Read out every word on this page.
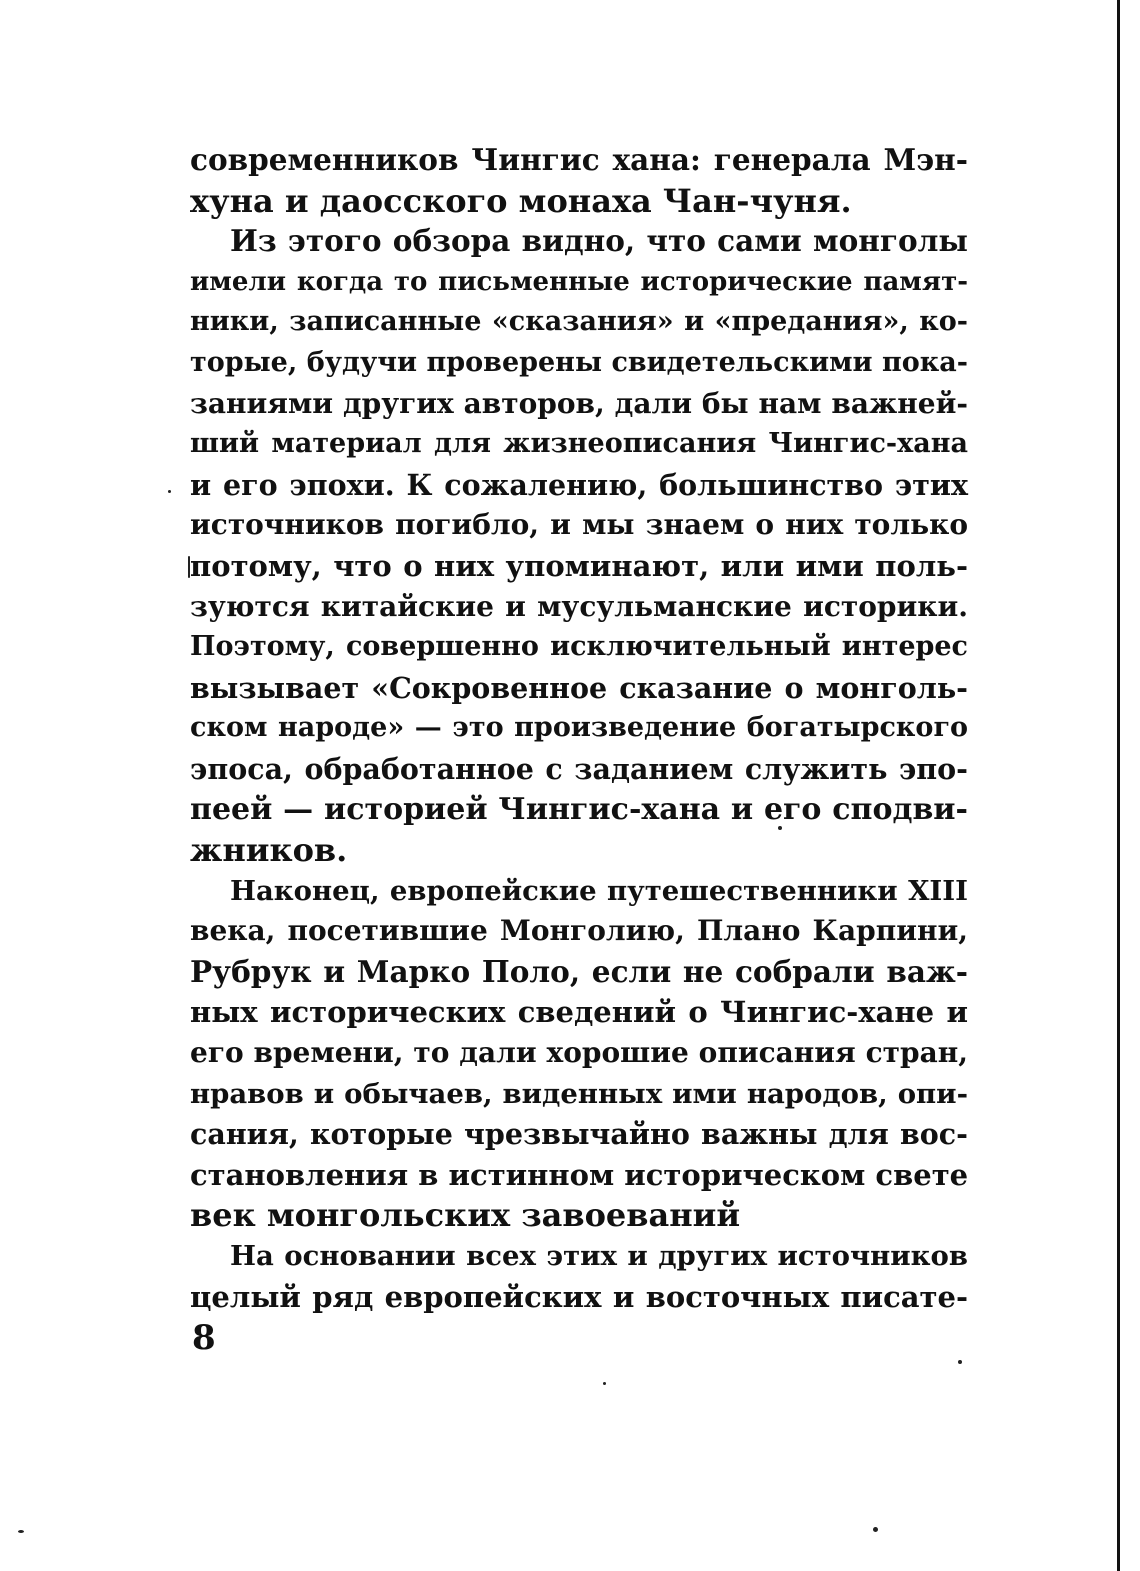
современников Чингис хана: генерала Мэн-
хуна и даосского монаха Чан-чуня.
Из этого обзора видно, что сами монголы
имели когда то письменные исторические памят-
ники, записанные «сказания» и «предания», ко-
торые, будучи проверены свидетельскими пока-
заниями других авторов, дали бы нам важней-
ший материал для жизнеописания Чингис-хана
и его эпохи. К сожалению, большинство этих
источников погибло, и мы знаем о них только
потому, что о них упоминают, или ими поль-
зуются китайские и мусульманские историки.
Поэтому, совершенно исключительный интерес
вызывает «Сокровенное сказание о монголь-
ском народе» — это произведение богатырского
эпоса, обработанное с заданием служить эпо-
пеей — историей Чингис-хана и его сподви-
жников.
Наконец, европейские путешественники XIII
века, посетившие Монголию, Плано Карпини,
Рубрук и Марко Поло, если не собрали важ-
ных исторических сведений о Чингис-хане и
его времени, то дали хорошие описания стран,
нравов и обычаев, виденных ими народов, опи-
сания, которые чрезвычайно важны для вос-
становления в истинном историческом свете
век монгольских завоеваний
На основании всех этих и других источников
целый ряд европейских и восточных писате-
8
